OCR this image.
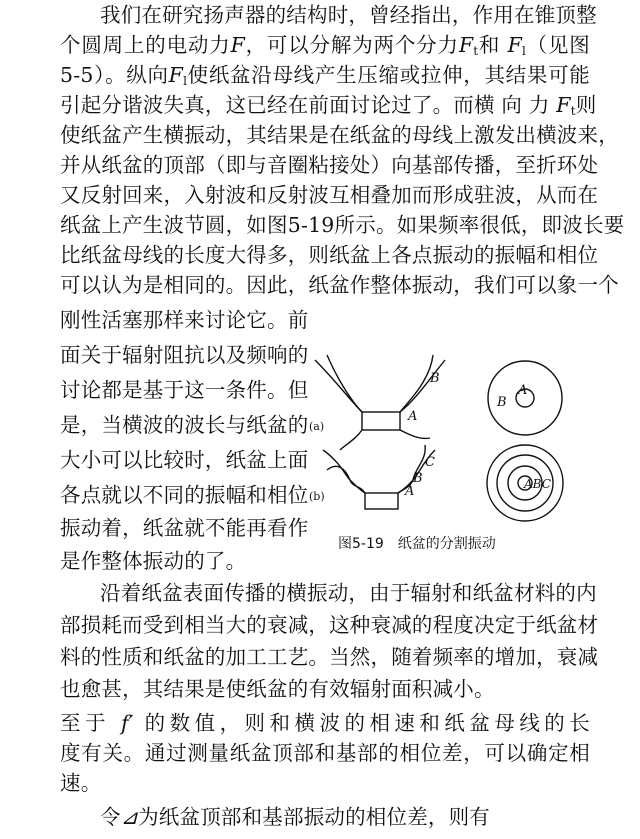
我们在研究扬声器的结构时，曾经指出，作用在锥顶整
个圆周上的电动力F，可以分解为两个分力$F_t$和 $F_l$（见图
5-5）。纵向$F_l$使纸盆沿母线产生压缩或拉伸，其结果可能
引起分谐波失真，这已经在前面讨论过了。而横 向 力 $F_t$则
使纸盆产生横振动，其结果是在纸盆的母线上激发出横波来，
并从纸盆的顶部（即与音圈粘接处）向基部传播，至折环处
又反射回来，入射波和反射波互相叠加而形成驻波，从而在
纸盆上产生波节圆，如图5-19所示。如果频率很低，即波长要
比纸盆母线的长度大得多，则纸盆上各点振动的振幅和相位
可以认为是相同的。因此，纸盆作整体振动，我们可以象一个
刚性活塞那样来讨论它。前
面关于辐射阻抗以及频响的
讨论都是基于这一条件。但
是，当横波的波长与纸盆的
大小可以比较时，纸盆上面
各点就以不同的振幅和相位
振动着，纸盆就不能再看作
是作整体振动的了。
(a)
(b)
A
B
A
B
C
A
B
ABC
图5-19　纸盆的分割振动
沿着纸盆表面传播的横振动，由于辐射和纸盆材料的内
部损耗而受到相当大的衰减，这种衰减的程度决定于纸盆材
料的性质和纸盆的加工工艺。当然，随着频率的增加，衰减
也愈甚，其结果是使纸盆的有效辐射面积减小。
至于 f′ 的数值，则和横波的相速和纸盆母线的长
度有关。通过测量纸盆顶部和基部的相位差，可以确定相
速。
令⊿为纸盆顶部和基部振动的相位差，则有
